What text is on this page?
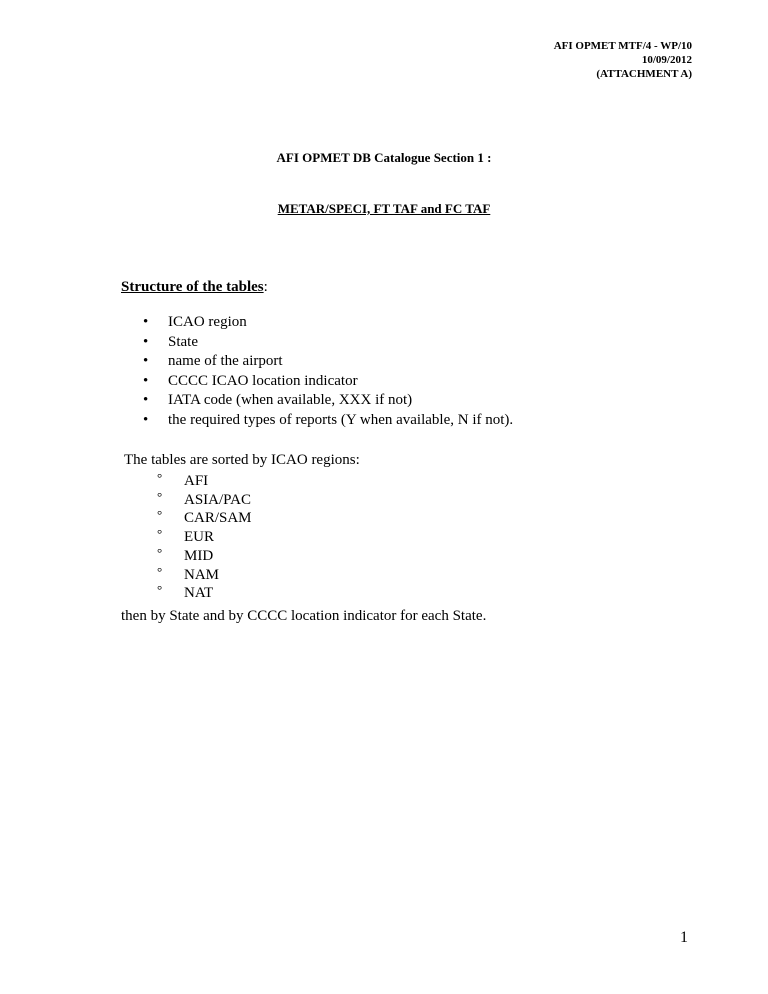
AFI OPMET MTF/4 - WP/10
10/09/2012
(ATTACHMENT A)
AFI OPMET DB Catalogue Section 1 :
METAR/SPECI, FT TAF and FC TAF
Structure of the tables:
• ICAO region
• State
• name of the airport
• CCCC ICAO location indicator
• IATA code (when available, XXX if not)
• the required types of reports (Y when available, N if not).
The tables are sorted by ICAO regions:
° AFI
° ASIA/PAC
° CAR/SAM
° EUR
° MID
° NAM
° NAT
then by State and by CCCC location indicator for each State.
1
